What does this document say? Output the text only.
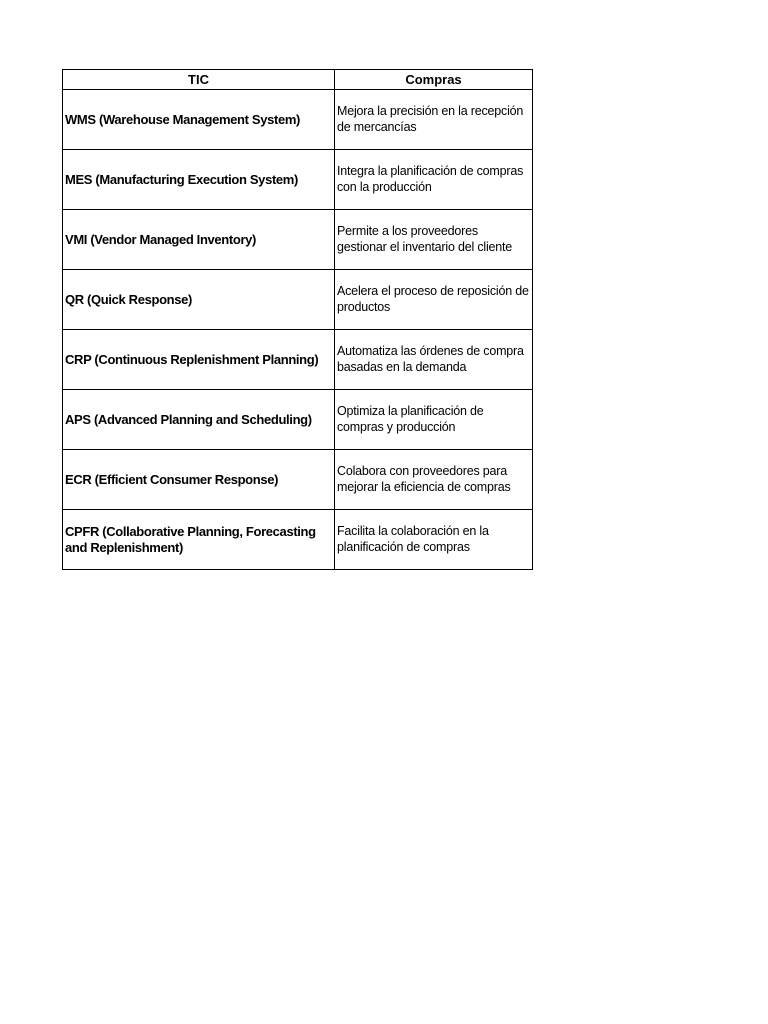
TIC	Compras
WMS (Warehouse Management System)	Mejora la precisión en la recepción de mercancías
MES (Manufacturing Execution System)	Integra la planificación de compras con la producción
VMI (Vendor Managed Inventory)	Permite a los proveedores gestionar el inventario del cliente
QR (Quick Response)	Acelera el proceso de reposición de productos
CRP (Continuous Replenishment Planning)	Automatiza las órdenes de compra basadas en la demanda
APS (Advanced Planning and Scheduling)	Optimiza la planificación de compras y producción
ECR (Efficient Consumer Response)	Colabora con proveedores para mejorar la eficiencia de compras
CPFR (Collaborative Planning, Forecasting and Replenishment)	Facilita la colaboración en la planificación de compras
